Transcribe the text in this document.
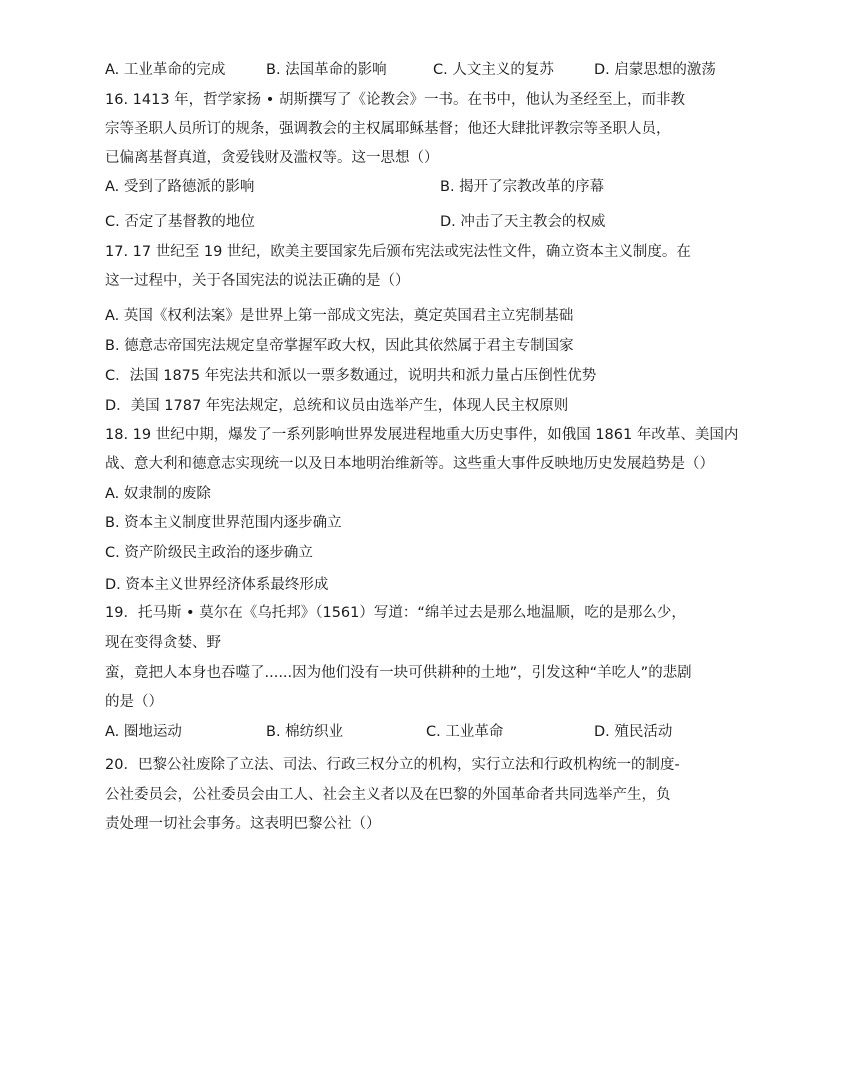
A. 工业革命的完成	B. 法国革命的影响	C. 人文主义的复苏	D. 启蒙思想的激荡
16. 1413 年，哲学家扬 • 胡斯撰写了《论教会》一书。在书中，他认为圣经至上，而非教
宗等圣职人员所订的规条，强调教会的主权属耶稣基督；他还大肆批评教宗等圣职人员，
已偏离基督真道，贪爱钱财及滥权等。这一思想（）
A. 受到了路德派的影响	B. 揭开了宗教改革的序幕
C. 否定了基督教的地位	D. 冲击了天主教会的权威
17. 17 世纪至 19 世纪，欧美主要国家先后颁布宪法或宪法性文件，确立资本主义制度。在
这一过程中，关于各国宪法的说法正确的是（）
A. 英国《权利法案》是世界上第一部成文宪法，奠定英国君主立宪制基础
B. 德意志帝国宪法规定皇帝掌握军政大权，因此其依然属于君主专制国家
C．法国 1875 年宪法共和派以一票多数通过，说明共和派力量占压倒性优势
D．美国 1787 年宪法规定，总统和议员由选举产生，体现人民主权原则
18. 19 世纪中期，爆发了一系列影响世界发展进程地重大历史事件，如俄国 1861 年改革、美国内
战、意大利和德意志实现统一以及日本地明治维新等。这些重大事件反映地历史发展趋势是（）
A. 奴隶制的废除
B. 资本主义制度世界范围内逐步确立
C. 资产阶级民主政治的逐步确立
D. 资本主义世界经济体系最终形成
19．托马斯 • 莫尔在《乌托邦》（1561）写道：“绵羊过去是那么地温顺，吃的是那么少，
现在变得贪婪、野
蛮，竟把人本身也吞噬了......因为他们没有一块可供耕种的土地”，引发这种“羊吃人”的悲剧
的是（）
A. 圈地运动	B. 棉纺织业	C. 工业革命	D. 殖民活动
20．巴黎公社废除了立法、司法、行政三权分立的机构，实行立法和行政机构统一的制度-
公社委员会，公社委员会由工人、社会主义者以及在巴黎的外国革命者共同选举产生，负
责处理一切社会事务。这表明巴黎公社（）
